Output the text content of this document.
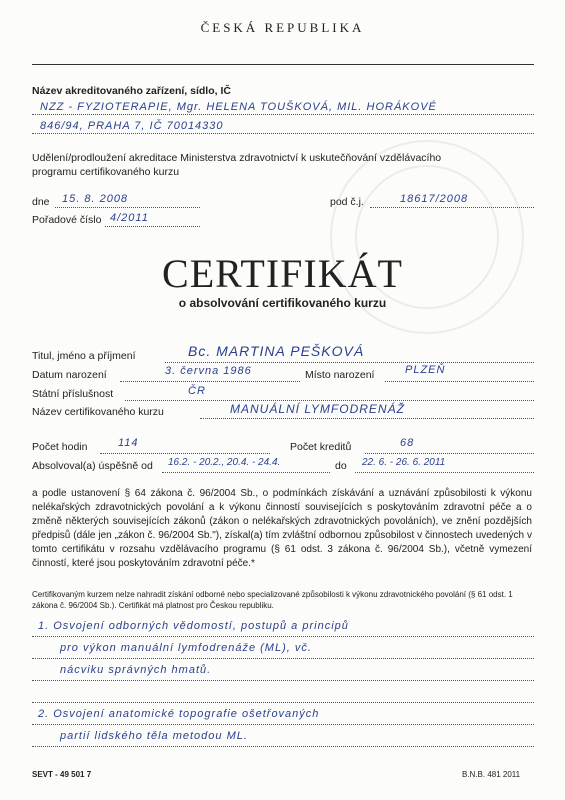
ČESKÁ REPUBLIKA
Název akreditovaného zařízení, sídlo, IČ
NZZ - FYZIOTERAPIE, Mgr. HELENA TOUŠKOVÁ, MIL. HORÁKOVÉ
846/94, PRAHA 7, IČ 70014330
Udělení/prodloužení akreditace Ministerstva zdravotnictví k uskutečňování vzdělávacího
programu certifikovaného kurzu
dne 15. 8. 2008	pod č.j.	18617/2008
Pořadové číslo 4/2011
CERTIFIKÁT
o absolvování certifikovaného kurzu
Titul, jméno a příjmení	Bc. MARTINA PEŠKOVÁ
Datum narození	3. června 1986	Místo narození	PLZEŇ
Státní příslušnost	ČR
Název certifikovaného kurzu	MANUÁLNÍ LYMFODRENÁŽ
Počet hodin	114	Počet kreditů	68
Absolvoval(a) úspěšně od 16.2. - 20.2., 20.4. - 24.4.	do 22. 6. - 26. 6. 2011
a podle ustanovení § 64 zákona č. 96/2004 Sb., o podmínkách získávání a uznávání způsobilosti k výkonu nelékařských zdravotnických povolání a k výkonu činností souvisejících s poskytováním zdravotní péče a o změně některých souvisejících zákonů (zákon o nelékařských zdravotnických povoláních), ve znění pozdějších předpisů (dále jen „zákon č. 96/2004 Sb."), získal(a) tím zvláštní odbornou způsobilost v činnostech uvedených v tomto certifikátu v rozsahu vzdělávacího programu (§ 61 odst. 3 zákona č. 96/2004 Sb.), včetně vymezení činností, které jsou poskytováním zdravotní péče.*
Certifikovaným kurzem nelze nahradit získání odborné nebo specializované způsobilosti k výkonu zdravotnického povolání (§ 61 odst. 1 zákona č. 96/2004 Sb.). Certifikát má platnost pro Českou republiku.
1. Osvojení odborných vědomostí, postupů a principů
pro výkon manuální lymfodrenáže (ML), vč.
nácviku správných hmatů.
2. Osvojení anatomické topografie ošetřovaných
partií lidského těla metodou ML.
SEVT - 49 501 7	B.N.B. 481 2011
